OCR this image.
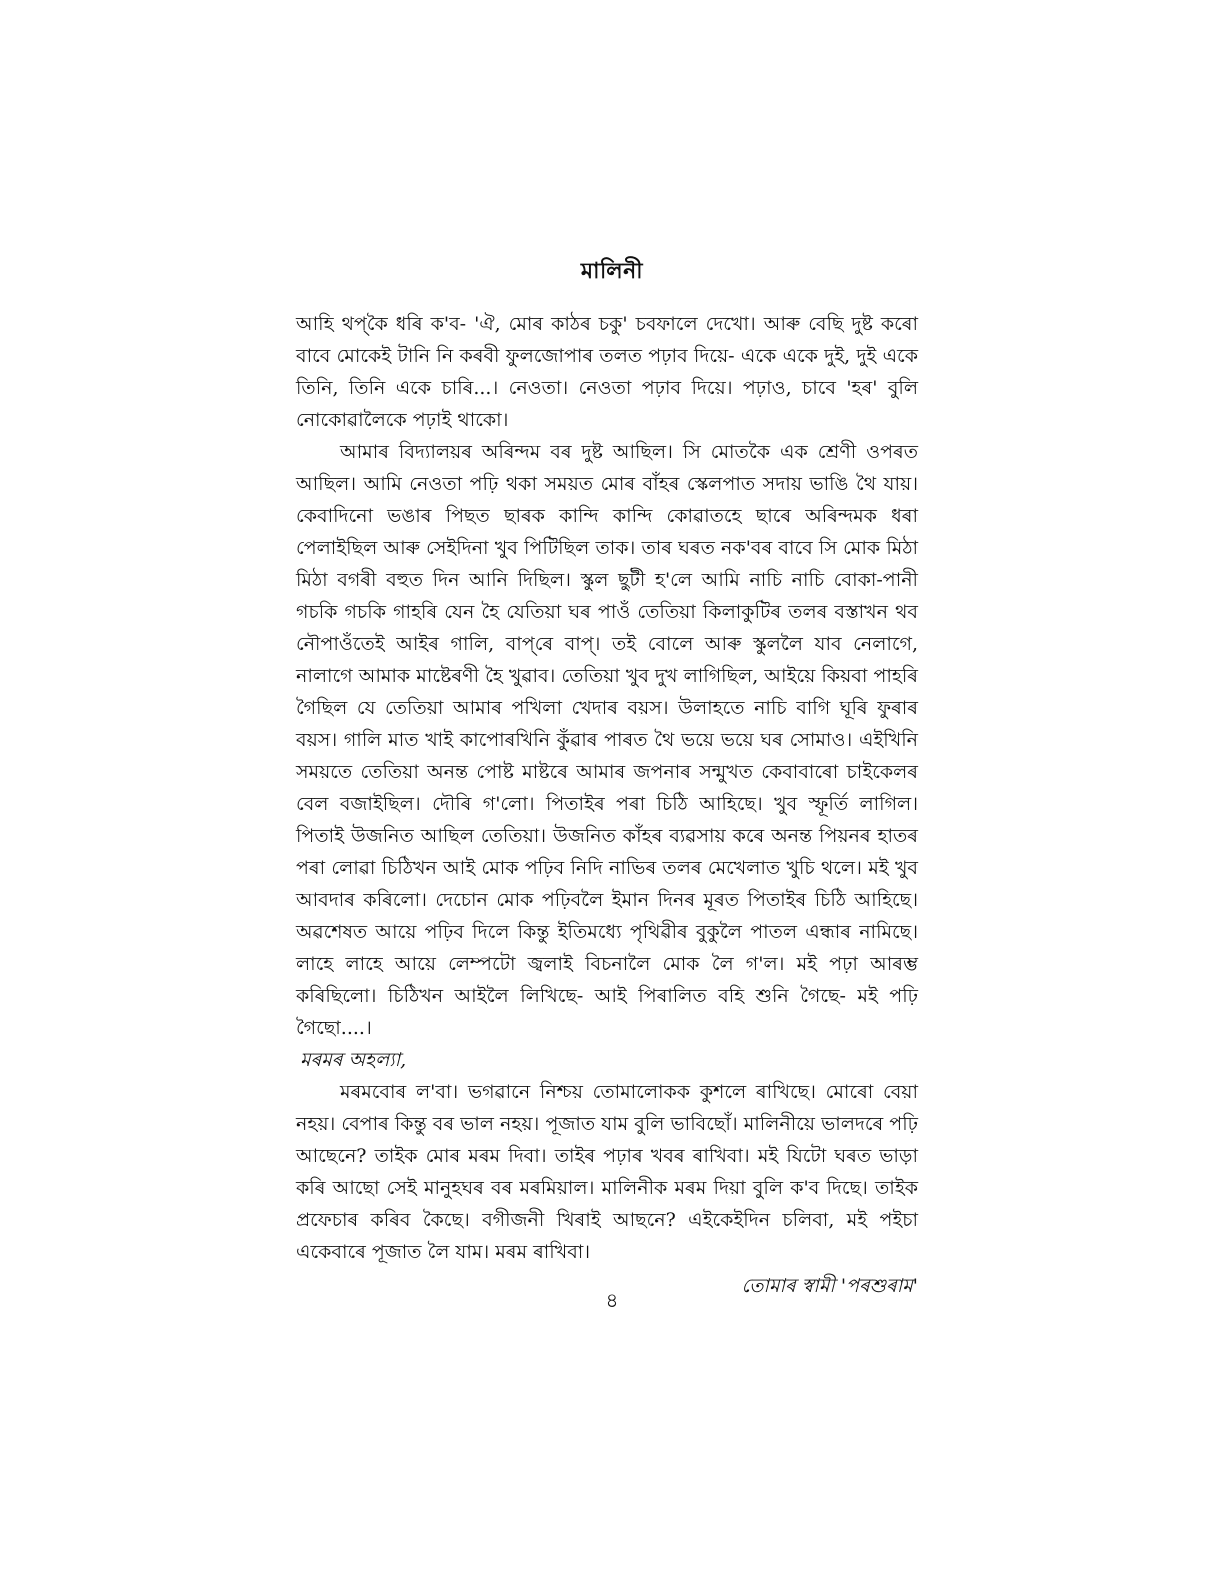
মালিনী

আহি থপ্‌কৈ ধৰি ক'ব- 'ঐ, মোৰ কাঠৰ চকু' চবফালে দেখো। আৰু বেছি দুষ্ট কৰো বাবে মোকেই টানি নি কৰবী ফুলজোপাৰ তলত পঢ়াব দিয়ে- একে একে দুই, দুই একে তিনি, তিনি একে চাৰি...। নেওতা। নেওতা পঢ়াব দিয়ে। পঢ়াও, চাবে 'হৰ' বুলি নোকোৱালৈকে পঢ়াই থাকো।

আমাৰ বিদ্যালয়ৰ অৰিন্দম বৰ দুষ্ট আছিল। সি মোতকৈ এক শ্ৰেণী ওপৰত আছিল। আমি নেওতা পঢ়ি থকা সময়ত মোৰ বাঁহৰ স্কেলপাত সদায় ভাঙি থৈ যায়। কেবাদিনো ভঙাৰ পিছত ছাৰক কান্দি কান্দি কোৱাতহে ছাৰে অৰিন্দমক ধৰা পেলাইছিল আৰু সেইদিনা খুব পিটিছিল তাক। তাৰ ঘৰত নক'বৰ বাবে সি মোক মিঠা মিঠা বগৰী বহুত দিন আনি দিছিল। স্কুল ছুটী হ'লে আমি নাচি নাচি বোকা-পানী গচকি গচকি গাহৰি যেন হৈ যেতিয়া ঘৰ পাওঁ তেতিয়া কিলাকুটিৰ তলৰ বস্তাখন থব নৌপাওঁতেই আইৰ গালি, বাপ্‌ৰে বাপ্‌। তই বোলে আৰু স্কুললৈ যাব নেলাগে, নালাগে আমাক মাষ্টেৰণী হৈ খুৱাব। তেতিয়া খুব দুখ লাগিছিল, আইয়ে কিয়বা পাহৰি গৈছিল যে তেতিয়া আমাৰ পখিলা খেদাৰ বয়স। উলাহতে নাচি বাগি ঘূৰি ফুৰাৰ বয়স। গালি মাত খাই কাপোৰখিনি কুঁৱাৰ পাৰত থৈ ভয়ে ভয়ে ঘৰ সোমাও। এইখিনি সময়তে তেতিয়া অনন্ত পোষ্ট মাষ্টৰে আমাৰ জপনাৰ সন্মুখত কেবাবাৰো চাইকেলৰ বেল বজাইছিল। দৌৰি গ'লো। পিতাইৰ পৰা চিঠি আহিছে। খুব স্ফূৰ্তি লাগিল। পিতাই উজনিত আছিল তেতিয়া। উজনিত কাঁহৰ ব্যৱসায় কৰে অনন্ত পিয়নৰ হাতৰ পৰা লোৱা চিঠিখন আই মোক পঢ়িব নিদি নাভিৰ তলৰ মেখেলাত খুচি থলে। মই খুব আবদাৰ কৰিলো। দেচোন মোক পঢ়িবলৈ ইমান দিনৰ মূৰত পিতাইৰ চিঠি আহিছে। অৱশেষত আয়ে পঢ়িব দিলে কিন্তু ইতিমধ্যে পৃথিৱীৰ বুকুলৈ পাতল এন্ধাৰ নামিছে। লাহে লাহে আয়ে লেম্পটো জ্বলাই বিচনালৈ মোক লৈ গ'ল। মই পঢ়া আৰম্ভ কৰিছিলো। চিঠিখন আইলৈ লিখিছে- আই পিৰালিত বহি শুনি গৈছে- মই পঢ়ি গৈছো....।

মৰমৰ অহল্যা,

মৰমবোৰ ল'বা। ভগৱানে নিশ্চয় তোমালোকক কুশলে ৰাখিছে। মোৰো বেয়া নহয়। বেপাৰ কিন্তু বৰ ভাল নহয়। পূজাত যাম বুলি ভাবিছোঁ। মালিনীয়ে ভালদৰে পঢ়ি আছেনে? তাইক মোৰ মৰম দিবা। তাইৰ পঢ়াৰ খবৰ ৰাখিবা। মই যিটো ঘৰত ভাড়া কৰি আছো সেই মানুহঘৰ বৰ মৰমিয়াল। মালিনীক মৰম দিয়া বুলি ক'ব দিছে। তাইক প্ৰফেচাৰ কৰিব কৈছে। বগীজনী খিৰাই আছনে? এইকেইদিন চলিবা, মই পইচা একেবাৰে পূজাত লৈ যাম। মৰম ৰাখিবা।

তোমাৰ স্বামী 'পৰশুৰাম'

৪
